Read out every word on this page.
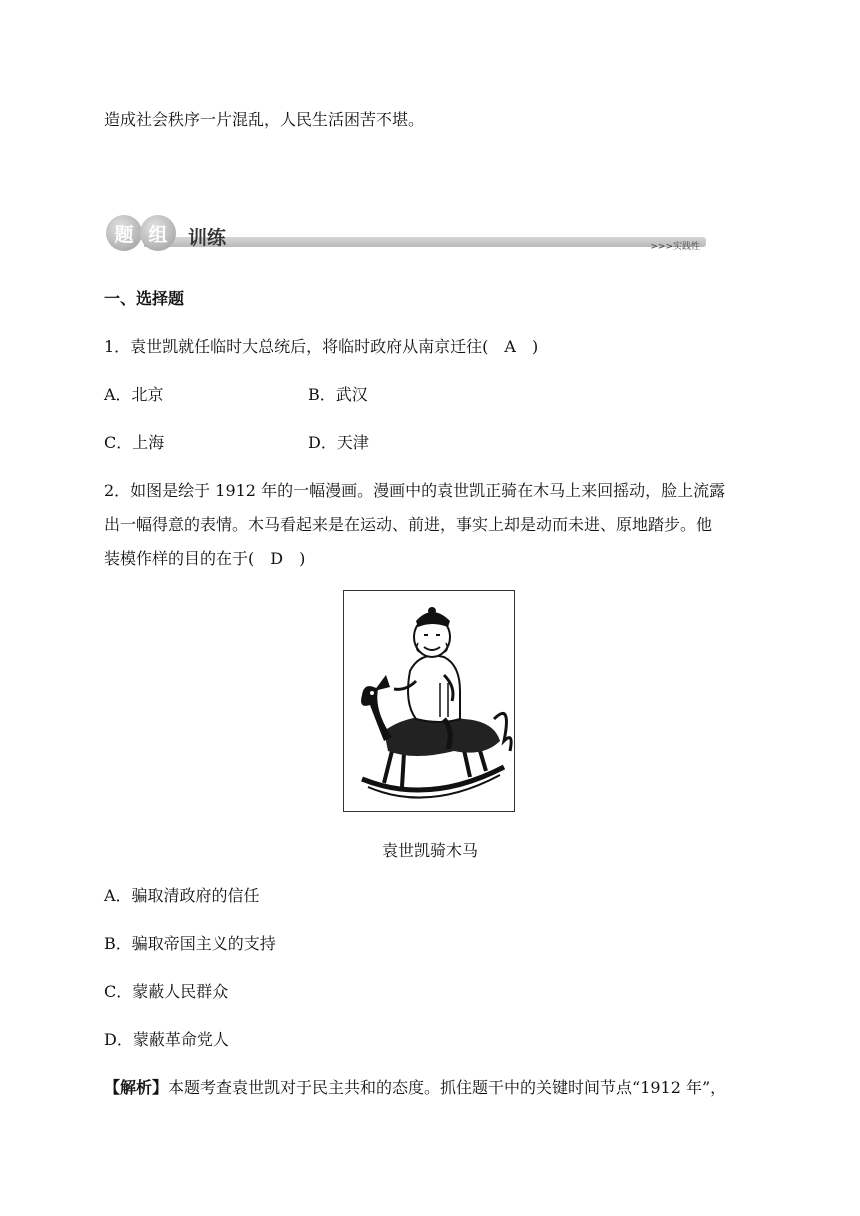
造成社会秩序一片混乱，人民生活困苦不堪。
题 组	训练	>>>实践性
一、选择题
1．袁世凯就任临时大总统后，将临时政府从南京迁往(　A　)
A．北京	B．武汉
C．上海	D．天津
2．如图是绘于 1912 年的一幅漫画。漫画中的袁世凯正骑在木马上来回摇动，脸上流露
出一幅得意的表情。木马看起来是在运动、前进，事实上却是动而未进、原地踏步。他
装模作样的目的在于(　D　)
袁世凯骑木马
A．骗取清政府的信任
B．骗取帝国主义的支持
C．蒙蔽人民群众
D．蒙蔽革命党人
【解析】本题考查袁世凯对于民主共和的态度。抓住题干中的关键时间节点“1912 年”，
